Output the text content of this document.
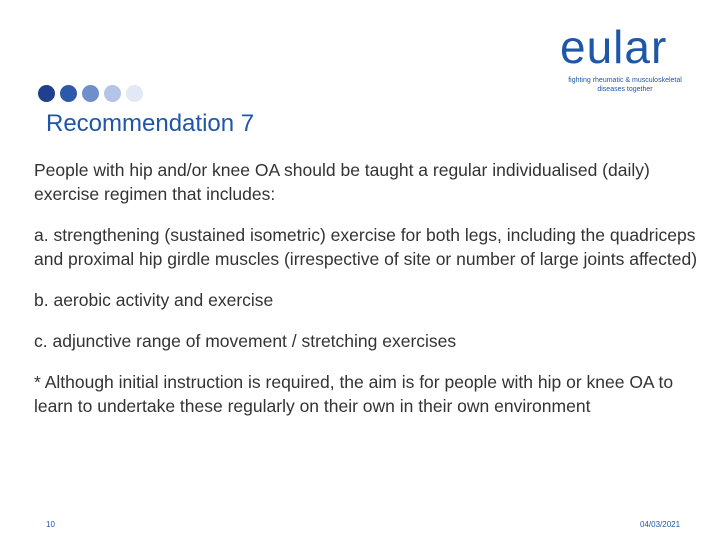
eular
fighting rheumatic & musculoskeletal diseases together
Recommendation 7

People with hip and/or knee OA should be taught a regular individualised (daily) exercise regimen that includes:

a. strengthening (sustained isometric) exercise for both legs, including the quadriceps and proximal hip girdle muscles (irrespective of site or number of large joints affected)

b. aerobic activity and exercise

c. adjunctive range of movement / stretching exercises

* Although initial instruction is required, the aim is for people with hip or knee OA to learn to undertake these regularly on their own in their own environment

10	04/03/2021
